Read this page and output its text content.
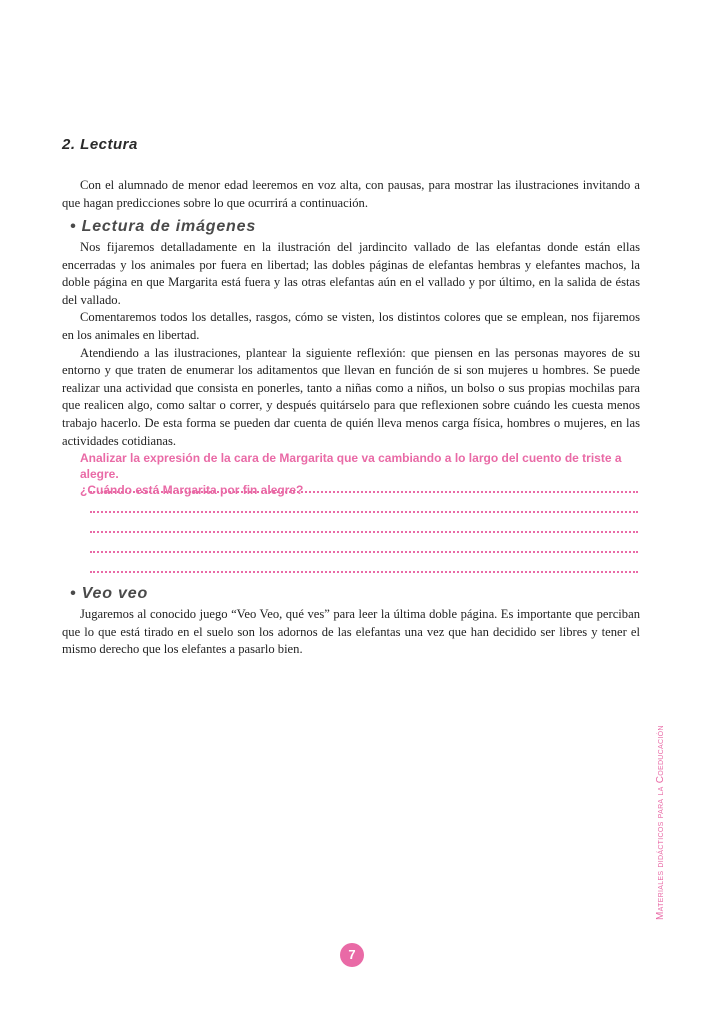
2. Lectura

Con el alumnado de menor edad leeremos en voz alta, con pausas, para mostrar las ilustraciones invitando a que hagan predicciones sobre lo que ocurrirá a continuación.

• Lectura de imágenes

Nos fijaremos detalladamente en la ilustración del jardincito vallado de las elefantas donde están ellas encerradas y los animales por fuera en libertad; las dobles páginas de elefantas hembras y elefantes machos, la doble página en que Margarita está fuera y las otras elefantas aún en el vallado y por último, en la salida de éstas del vallado.

Comentaremos todos los detalles, rasgos, cómo se visten, los distintos colores que se emplean, nos fijaremos en los animales en libertad.

Atendiendo a las ilustraciones, plantear la siguiente reflexión: que piensen en las personas mayores de su entorno y que traten de enumerar los aditamentos que llevan en función de si son mujeres u hombres. Se puede realizar una actividad que consista en ponerles, tanto a niñas como a niños, un bolso o sus propias mochilas para que realicen algo, como saltar o correr, y después quitárselo para que reflexionen sobre cuándo les cuesta menos trabajo hacerlo. De esta forma se pueden dar cuenta de quién lleva menos carga física, hombres o mujeres, en las actividades cotidianas.

Analizar la expresión de la cara de Margarita que va cambiando a lo largo del cuento de triste a alegre.

¿Cuándo está Margarita por fin alegre?

• Veo veo

Jugaremos al conocido juego “Veo Veo, qué ves” para leer la última doble página. Es importante que perciban que lo que está tirado en el suelo son los adornos de las elefantas una vez que han decidido ser libres y tener el mismo derecho que los elefantes a pasarlo bien.

Materiales didácticos para la Coeducación
7
